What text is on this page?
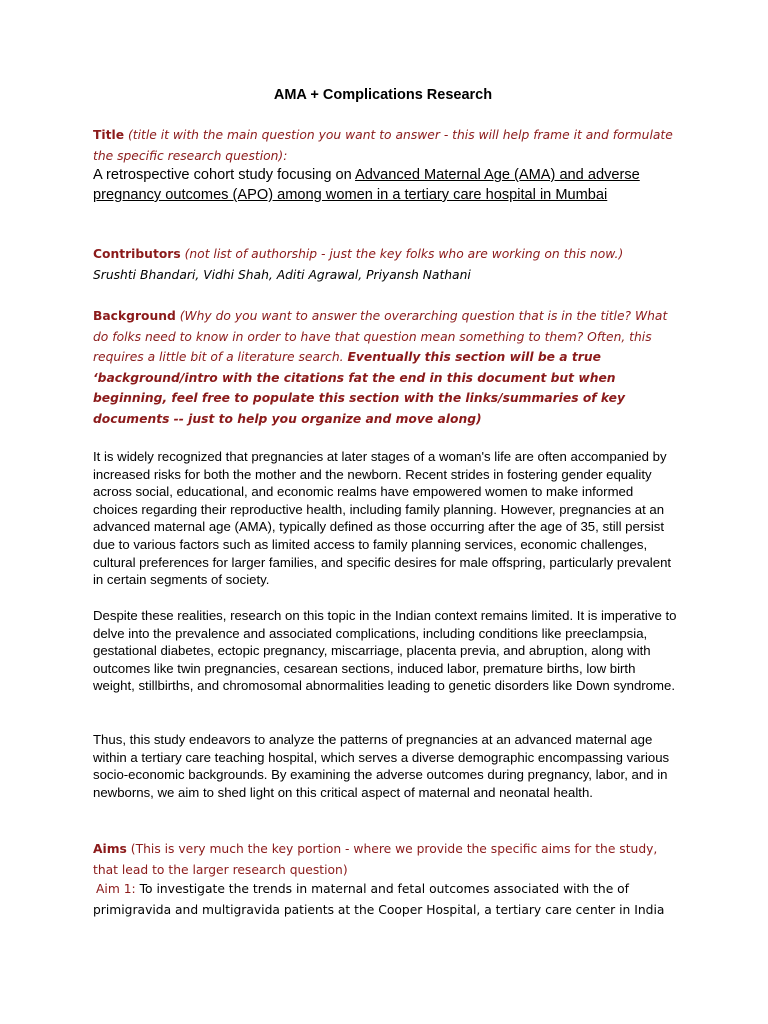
AMA + Complications Research

Title (title it with the main question you want to answer - this will help frame it and formulate the specific research question):

A retrospective cohort study focusing on Advanced Maternal Age (AMA) and adverse pregnancy outcomes (APO) among women in a tertiary care hospital in Mumbai

Contributors (not list of authorship - just the key folks who are working on this now.)

Srushti Bhandari, Vidhi Shah, Aditi Agrawal, Priyansh Nathani

Background (Why do you want to answer the overarching question that is in the title? What do folks need to know in order to have that question mean something to them? Often, this requires a little bit of a literature search. Eventually this section will be a true ‘background/intro with the citations fat the end in this document but when beginning, feel free to populate this section with the links/summaries of key documents -- just to help you organize and move along)

It is widely recognized that pregnancies at later stages of a woman's life are often accompanied by increased risks for both the mother and the newborn. Recent strides in fostering gender equality across social, educational, and economic realms have empowered women to make informed choices regarding their reproductive health, including family planning. However, pregnancies at an advanced maternal age (AMA), typically defined as those occurring after the age of 35, still persist due to various factors such as limited access to family planning services, economic challenges, cultural preferences for larger families, and specific desires for male offspring, particularly prevalent in certain segments of society.

Despite these realities, research on this topic in the Indian context remains limited. It is imperative to delve into the prevalence and associated complications, including conditions like preeclampsia, gestational diabetes, ectopic pregnancy, miscarriage, placenta previa, and abruption, along with outcomes like twin pregnancies, cesarean sections, induced labor, premature births, low birth weight, stillbirths, and chromosomal abnormalities leading to genetic disorders like Down syndrome.

Thus, this study endeavors to analyze the patterns of pregnancies at an advanced maternal age within a tertiary care teaching hospital, which serves a diverse demographic encompassing various socio-economic backgrounds. By examining the adverse outcomes during pregnancy, labor, and in newborns, we aim to shed light on this critical aspect of maternal and neonatal health.

Aims (This is very much the key portion - where we provide the specific aims for the study, that lead to the larger research question)

Aim 1: To investigate the trends in maternal and fetal outcomes associated with the of primigravida and multigravida patients at the Cooper Hospital, a tertiary care center in India
